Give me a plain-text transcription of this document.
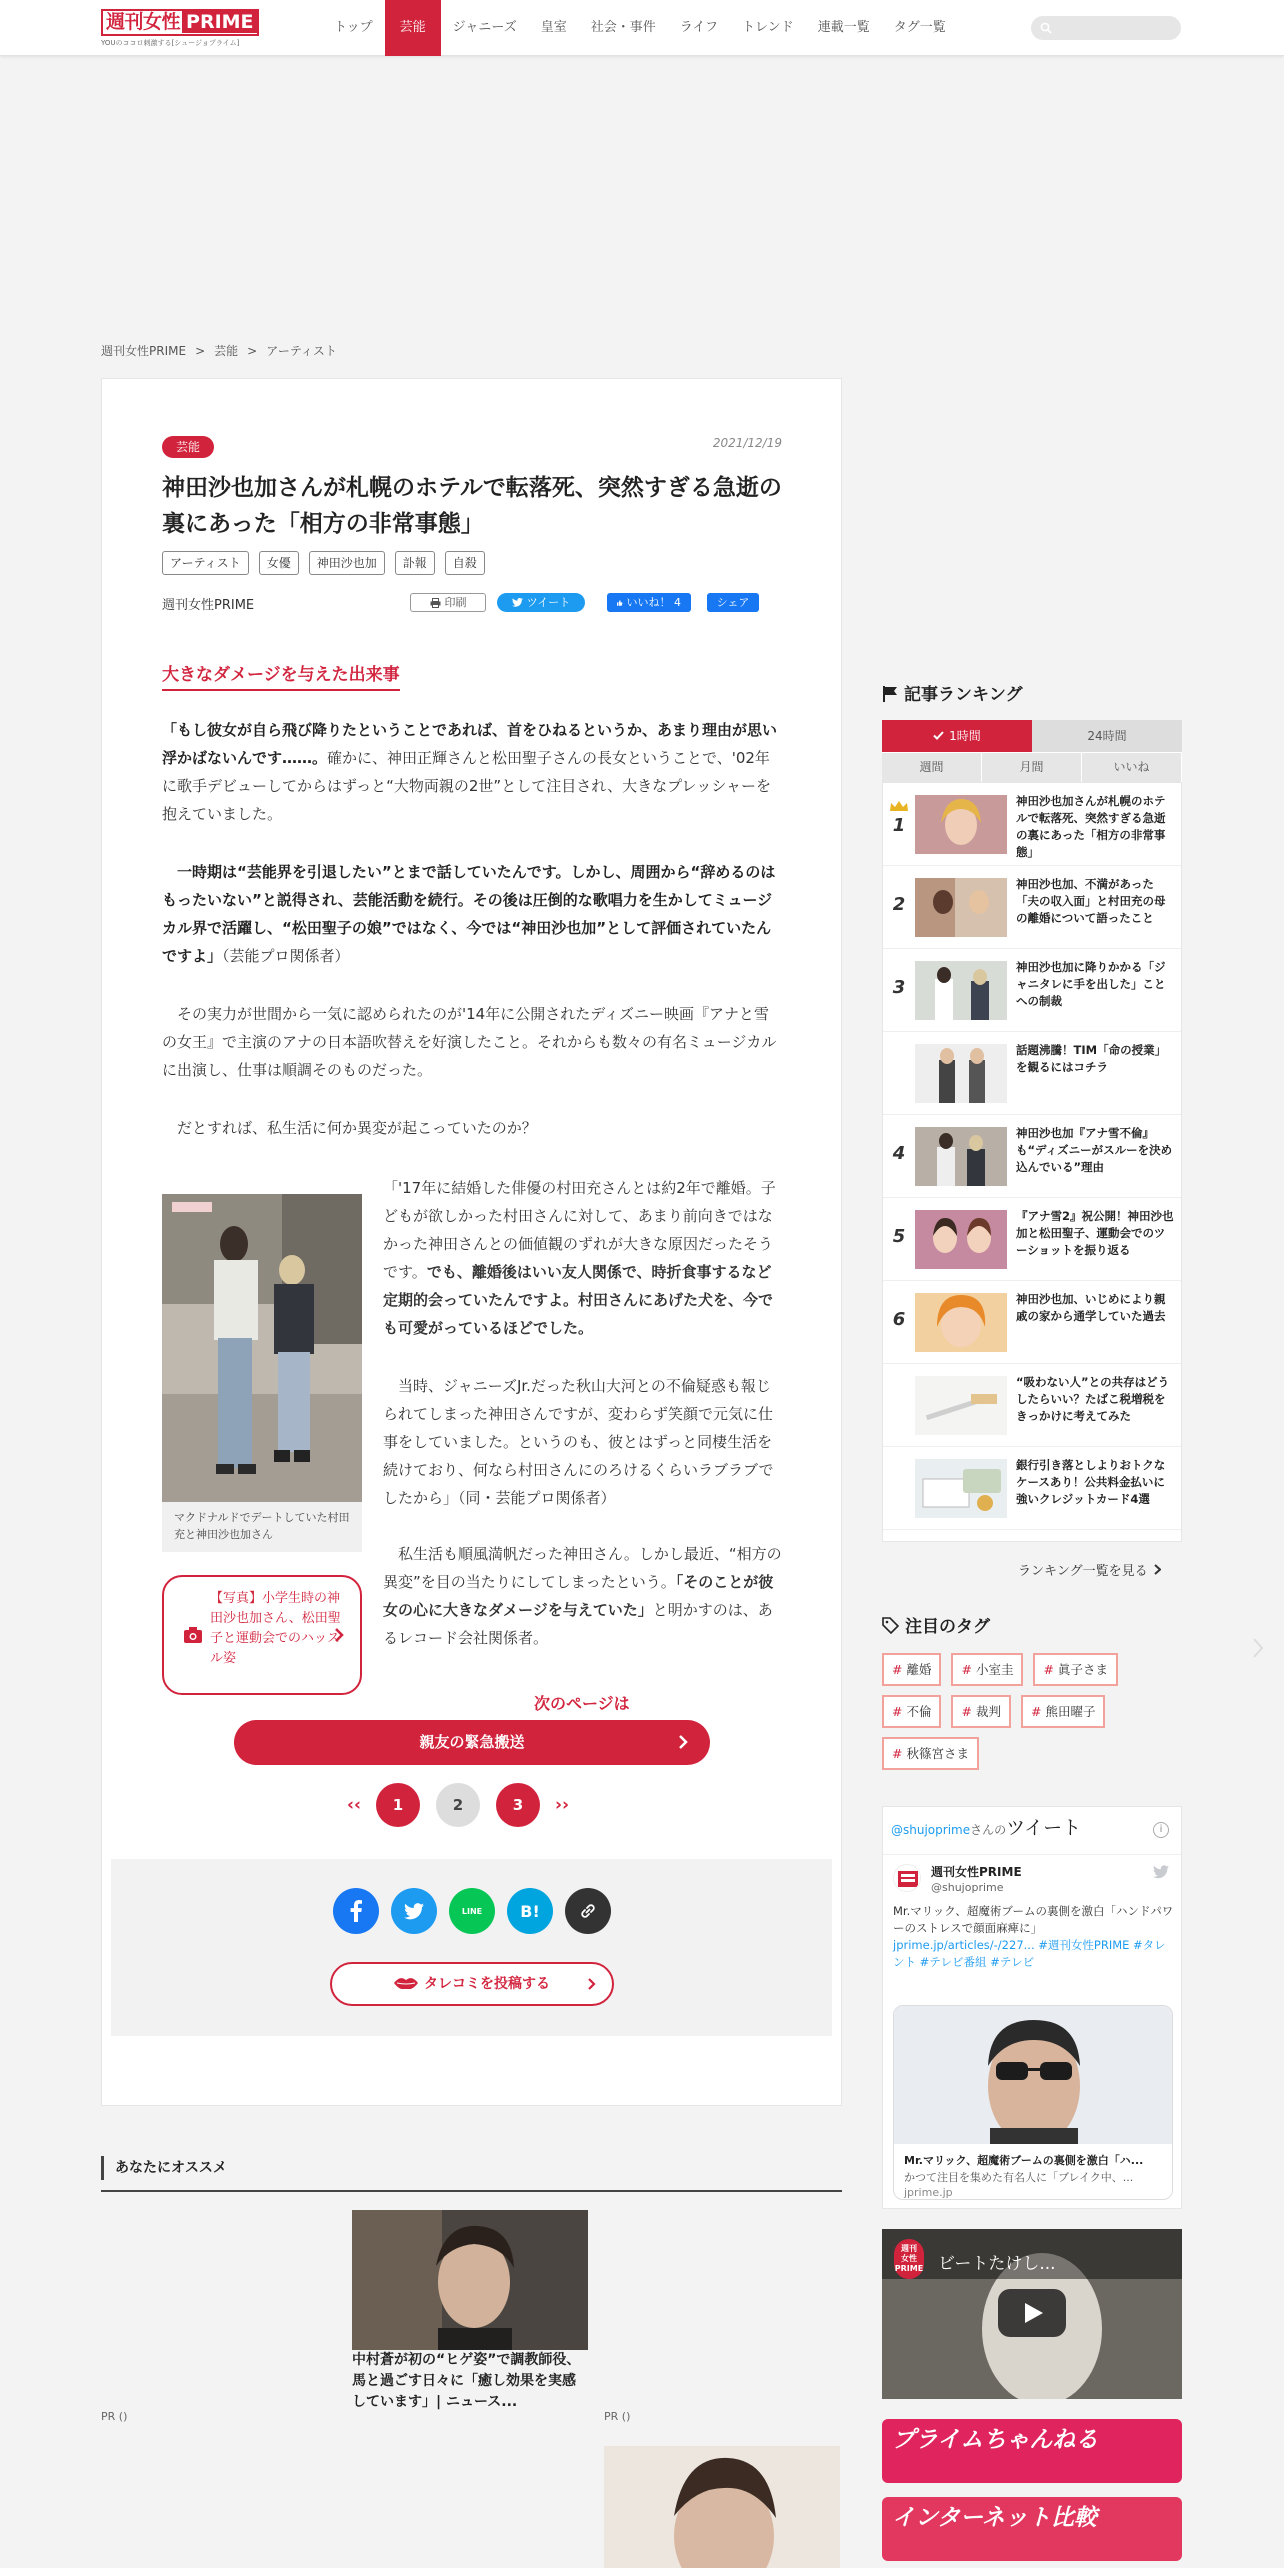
週刊女性 PRIME
YOUのココロ刺激する[シュージョプライム]
トップ	芸能	ジャニーズ	皇室	社会・事件	ライフ	トレンド	連載一覧	タグ一覧
週刊女性PRIME > 芸能 > アーティスト
芸能	2021/12/19
神田沙也加さんが札幌のホテルで転落死、突然すぎる急逝の裏にあった「相方の非常事態」
アーティスト	女優	神田沙也加	訃報	自殺
週刊女性PRIME	印刷	ツイート	いいね！ 4	シェア
大きなダメージを与えた出来事

「もし彼女が自ら飛び降りたということであれば、首をひねるというか、あまり理由が思い浮かばないんです……。確かに、神田正輝さんと松田聖子さんの長女ということで、'02年に歌手デビューしてからはずっと“大物両親の2世”として注目され、大きなプレッシャーを抱えていました。

　一時期は“芸能界を引退したい”とまで話していたんです。しかし、周囲から“辞めるのはもったいない”と説得され、芸能活動を続行。その後は圧倒的な歌唱力を生かしてミュージカル界で活躍し、“松田聖子の娘”ではなく、今では“神田沙也加”として評価されていたんですよ」（芸能プロ関係者）

　その実力が世間から一気に認められたのが'14年に公開されたディズニー映画『アナと雪の女王』で主演のアナの日本語吹替えを好演したこと。それからも数々の有名ミュージカルに出演し、仕事は順調そのものだった。

　だとすれば、私生活に何か異変が起こっていたのか？

マクドナルドでデートしていた村田充と神田沙也加さん

「'17年に結婚した俳優の村田充さんとは約2年で離婚。子どもが欲しかった村田さんに対して、あまり前向きではなかった神田さんとの価値観のずれが大きな原因だったそうです。でも、離婚後はいい友人関係で、時折食事するなど定期的会っていたんですよ。村田さんにあげた犬を、今でも可愛がっているほどでした。

　当時、ジャニーズJr.だった秋山大河との不倫疑惑も報じられてしまった神田さんですが、変わらず笑顔で元気に仕事をしていました。というのも、彼とはずっと同棲生活を続けており、何なら村田さんにのろけるくらいラブラブでしたから」（同・芸能プロ関係者）

　私生活も順風満帆だった神田さん。しかし最近、“相方の異変”を目の当たりにしてしまったという。「そのことが彼女の心に大きなダメージを与えていた」と明かすのは、あるレコード会社関係者。

【写真】小学生時の神田沙也加さん、松田聖子と運動会でのハッスル姿
次のページは
親友の緊急搬送
‹‹	1	2	3	››
LINE B!
タレコミを投稿する
あなたにオススメ
中村蒼が初の“ヒゲ姿”で調教師役、馬と過ごす日々に「癒し効果を実感しています」| ニュース...
PR ()	PR ()
記事ランキング
1時間	24時間
週間	月間	いいね
1
神田沙也加さんが札幌のホテルで転落死、突然すぎる急逝の裏にあった「相方の非常事態」
2
神田沙也加、不満があった「夫の収入面」と村田充の母の離婚について語ったこと
3
神田沙也加に降りかかる「ジャニタレに手を出した」ことへの制裁
話題沸騰！TIM「命の授業」を観るにはコチラ
4
神田沙也加『アナ雪不倫』も“ディズニーがスルーを決め込んでいる”理由
5
『アナ雪2』祝公開！神田沙也加と松田聖子、運動会でのツーショットを振り返る
6
神田沙也加、いじめにより親戚の家から通学していた過去
“吸わない人”との共存はどうしたらいい？たばこ税増税をきっかけに考えてみた
銀行引き落としよりおトクなケースあり！公共料金払いに強いクレジットカード4選
ランキング一覧を見る
注目のタグ
# 離婚	# 小室圭	# 眞子さま
# 不倫	# 裁判	# 熊田曜子
# 秋篠宮さま
@shujoprimeさんのツイート	i
週刊女性PRIME
@shujoprime
Mr.マリック、超魔術ブームの裏側を激白「ハンドパワーのストレスで顔面麻痺に」 jprime.jp/articles/-/227... #週刊女性PRIME #タレント #テレビ番組 #テレビ
Mr.マリック、超魔術ブームの裏側を激白「ハ...
かつて注目を集めた有名人に「ブレイク中、...
jprime.jp
週刊
女性
PRIME ビートたけし...
プライムちゃんねる
インターネット比較
